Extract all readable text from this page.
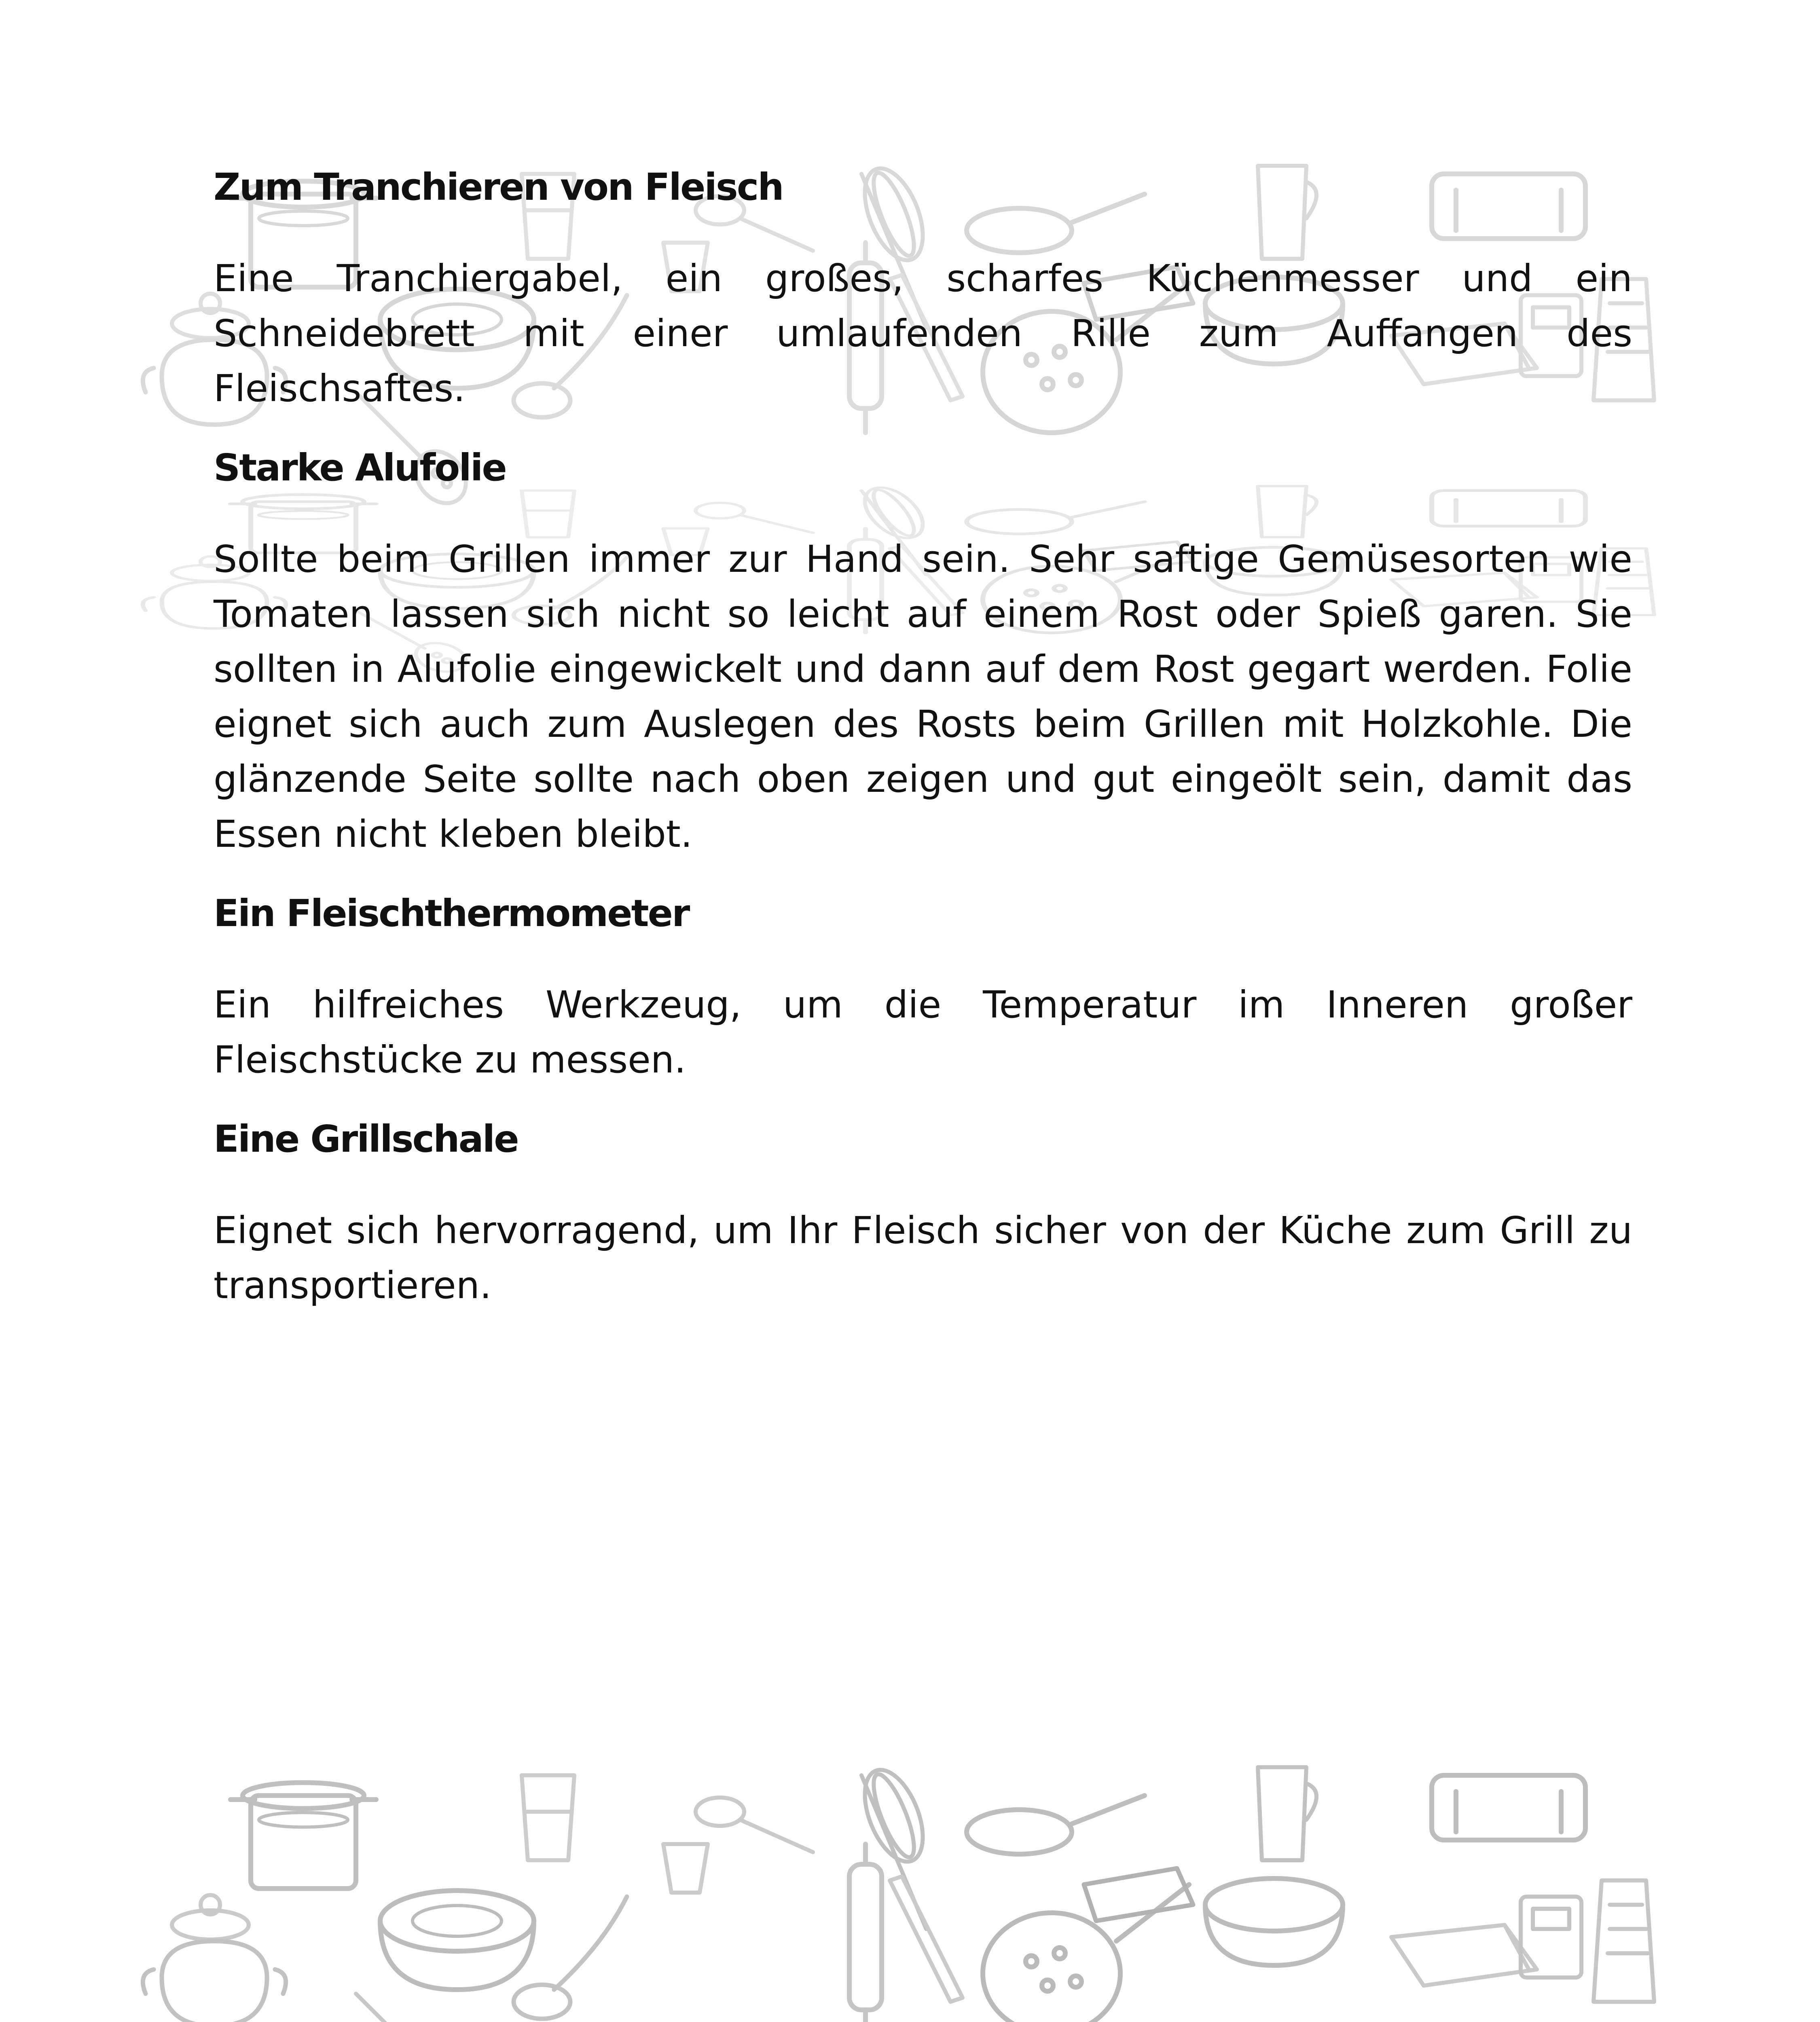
Zum Tranchieren von Fleisch

Eine Tranchiergabel, ein großes, scharfes Küchenmesser und ein Schneidebrett mit einer umlaufenden Rille zum Auffangen des Fleischsaftes.

Starke Alufolie

Sollte beim Grillen immer zur Hand sein. Sehr saftige Gemüsesorten wie Tomaten lassen sich nicht so leicht auf einem Rost oder Spieß garen. Sie sollten in Alufolie eingewickelt und dann auf dem Rost gegart werden. Folie eignet sich auch zum Auslegen des Rosts beim Grillen mit Holzkohle. Die glänzende Seite sollte nach oben zeigen und gut eingeölt sein, damit das Essen nicht kleben bleibt.

Ein Fleischthermometer

Ein hilfreiches Werkzeug, um die Temperatur im Inneren großer Fleischstücke zu messen.

Eine Grillschale

Eignet sich hervorragend, um Ihr Fleisch sicher von der Küche zum Grill zu transportieren.
